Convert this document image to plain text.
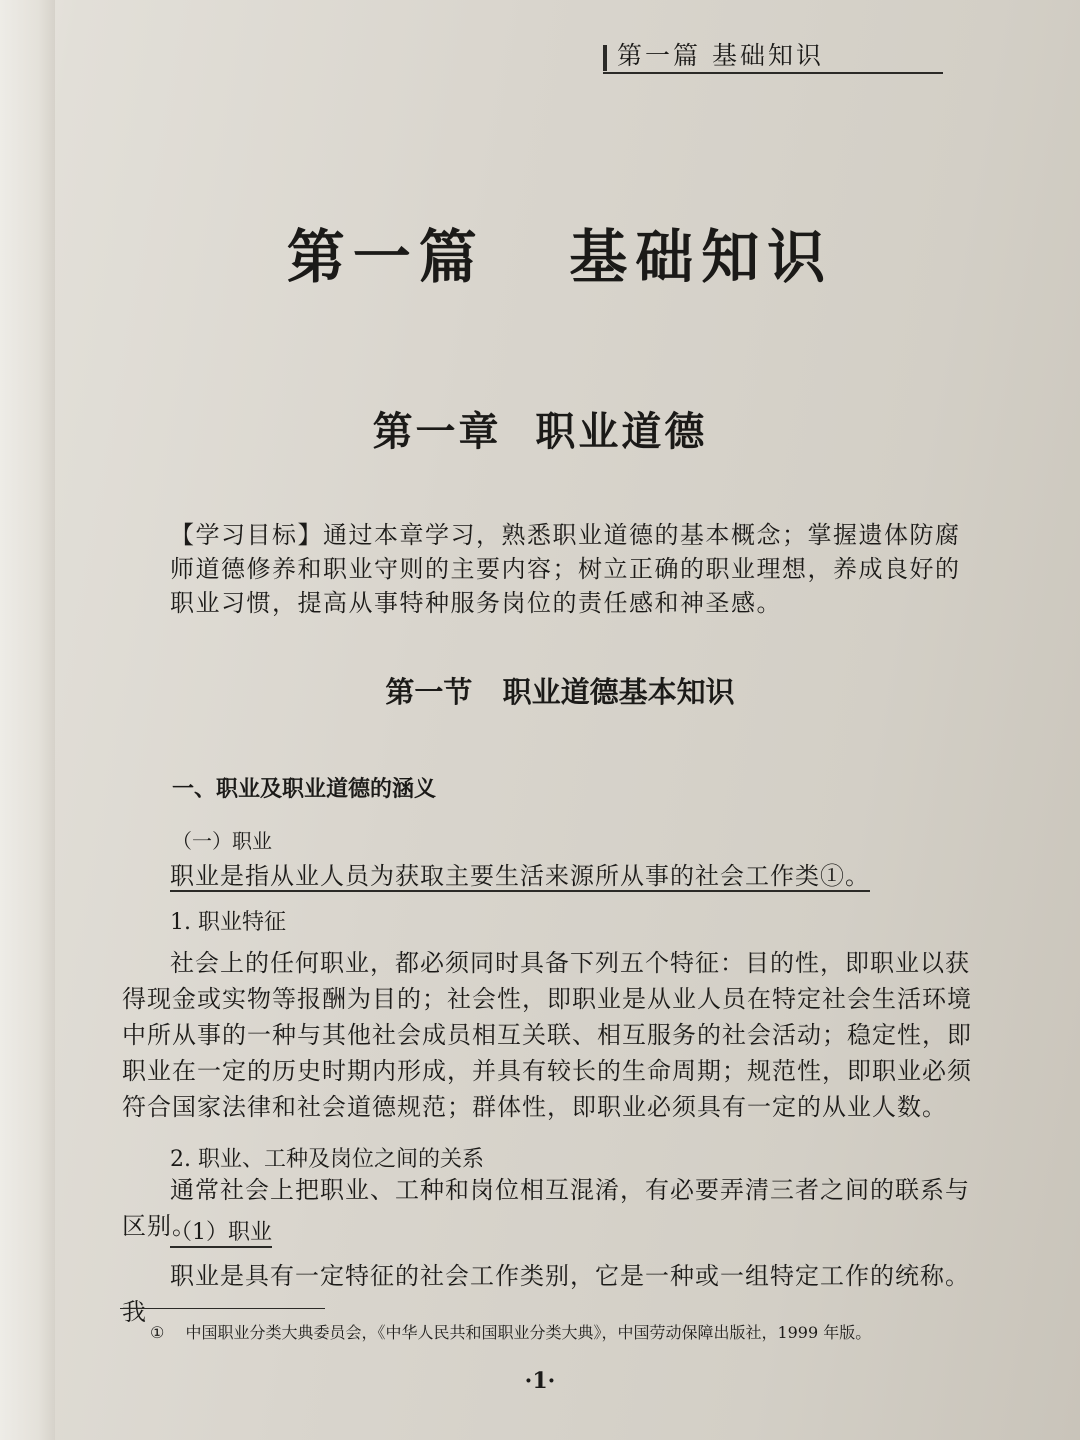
第一篇 基础知识
第一篇   基础知识
第一章  职业道德
【学习目标】通过本章学习，熟悉职业道德的基本概念；掌握遗体防腐师道德修养和职业守则的主要内容；树立正确的职业理想，养成良好的职业习惯，提高从事特种服务岗位的责任感和神圣感。
第一节   职业道德基本知识
一、职业及职业道德的涵义
（一）职业
职业是指从业人员为获取主要生活来源所从事的社会工作类①。
1. 职业特征
社会上的任何职业，都必须同时具备下列五个特征：目的性，即职业以获得现金或实物等报酬为目的；社会性，即职业是从业人员在特定社会生活环境中所从事的一种与其他社会成员相互关联、相互服务的社会活动；稳定性，即职业在一定的历史时期内形成，并具有较长的生命周期；规范性，即职业必须符合国家法律和社会道德规范；群体性，即职业必须具有一定的从业人数。
2. 职业、工种及岗位之间的关系
通常社会上把职业、工种和岗位相互混淆，有必要弄清三者之间的联系与区别。
（1）职业
职业是具有一定特征的社会工作类别，它是一种或一组特定工作的统称。我
① 中国职业分类大典委员会，《中华人民共和国职业分类大典》，中国劳动保障出版社，1999 年版。
·1·
